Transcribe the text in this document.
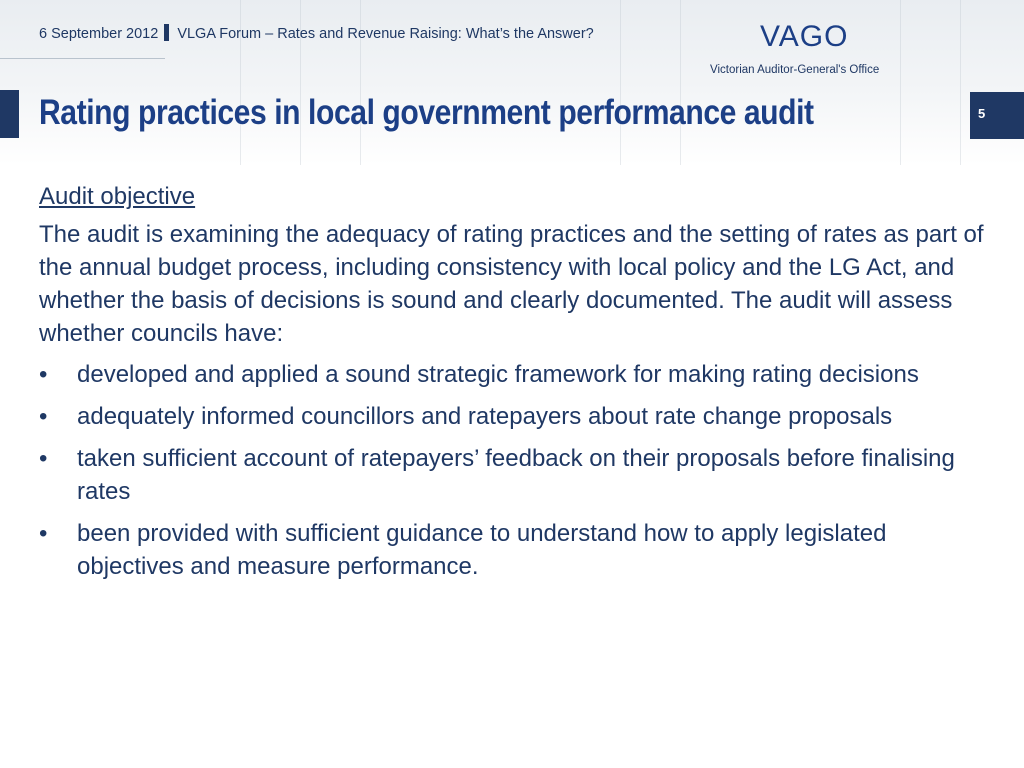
6 September 2012 VLGA Forum – Rates and Revenue Raising: What’s the Answer?	VAGO
Victorian Auditor-General's Office
Rating practices in local government performance audit	5
Audit objective
The audit is examining the adequacy of rating practices and the setting of rates as part of the annual budget process, including consistency with local policy and the LG Act, and whether the basis of decisions is sound and clearly documented. The audit will assess whether councils have:
• developed and applied a sound strategic framework for making rating decisions
• adequately informed councillors and ratepayers about rate change proposals
• taken sufficient account of ratepayers’ feedback on their proposals before finalising rates
• been provided with sufficient guidance to understand how to apply legislated objectives and measure performance.
